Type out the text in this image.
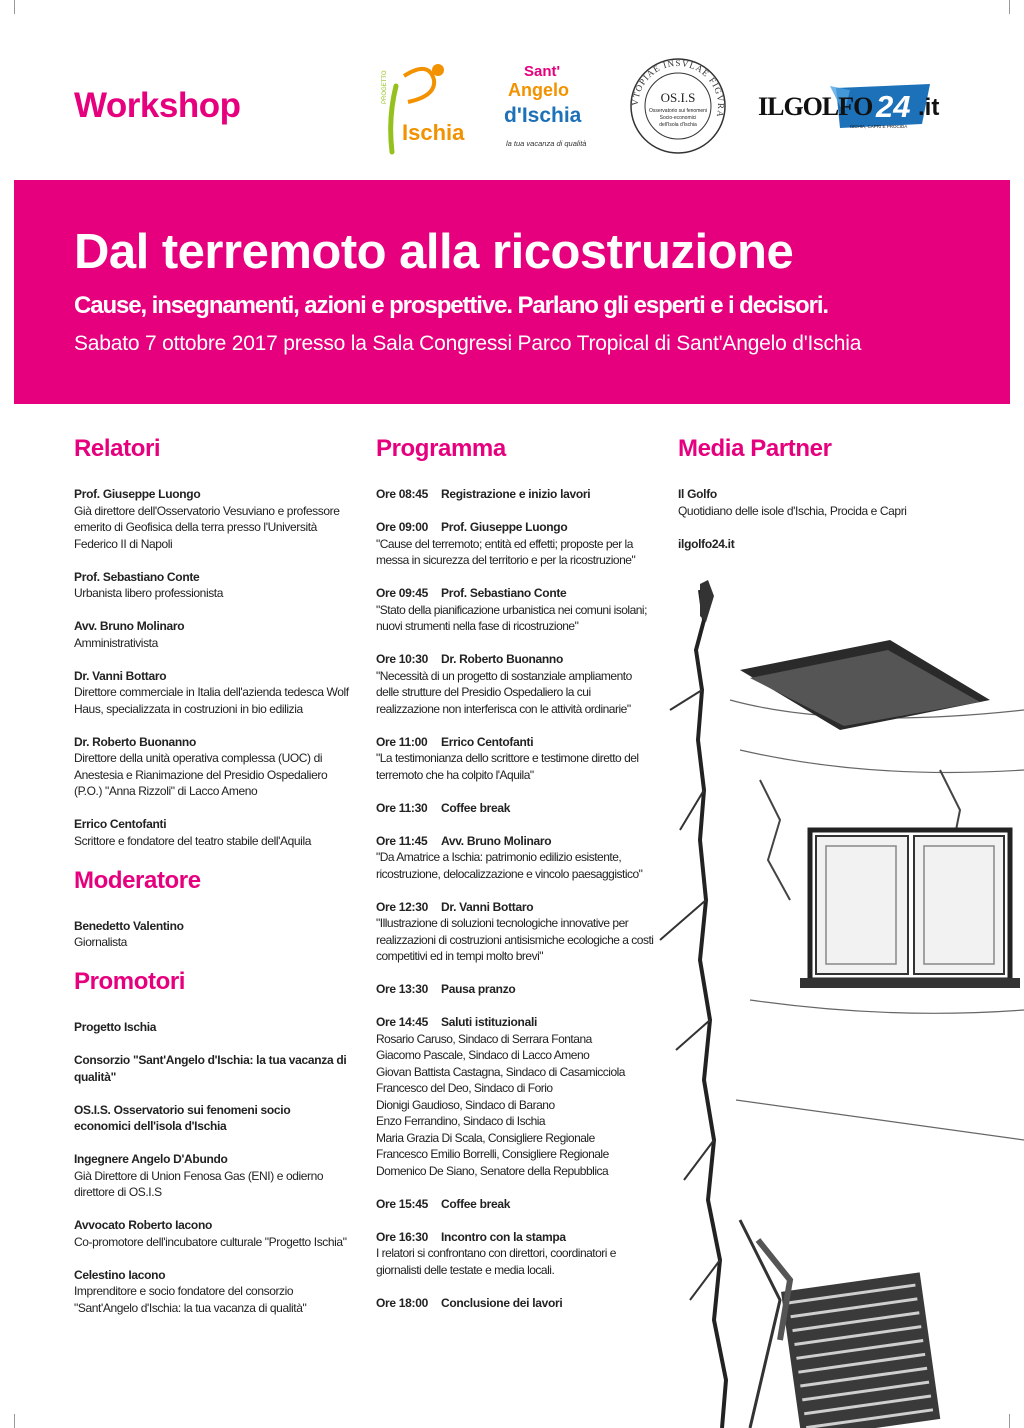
Workshop	PROGETTO
Ischia
Sant'
Angelo
d'Ischia
la tua vacanza di qualità
VTOPIAE INSVLAE FIGVRA
OS.I.S
Osservatorio sui fenomeni
Socio-economici
dell'Isola d'Ischia
ILGOLFO 24 .it
ISCHIA, CAPRI E PROCIDA
Dal terremoto alla ricostruzione
Cause, insegnamenti, azioni e prospettive. Parlano gli esperti e i decisori.
Sabato 7 ottobre 2017 presso la Sala Congressi Parco Tropical di Sant'Angelo d'Ischia
Relatori
Prof. Giuseppe Luongo
Già direttore dell'Osservatorio Vesuviano e professore emerito di Geofisica della terra presso l'Università Federico II di Napoli
Prof. Sebastiano Conte
Urbanista libero professionista
Avv. Bruno Molinaro
Amministrativista
Dr. Vanni Bottaro
Direttore commerciale in Italia dell'azienda tedesca Wolf Haus, specializzata in costruzioni in bio edilizia
Dr. Roberto Buonanno
Direttore della unità operativa complessa (UOC) di Anestesia e Rianimazione del Presidio Ospedaliero (P.O.) "Anna Rizzoli" di Lacco Ameno
Errico Centofanti
Scrittore e fondatore del teatro stabile dell'Aquila
Moderatore
Benedetto Valentino
Giornalista
Promotori
Progetto Ischia
Consorzio "Sant'Angelo d'Ischia: la tua vacanza di qualità"
OS.I.S. Osservatorio sui fenomeni socio economici dell'isola d'Ischia
Ingegnere Angelo D'Abundo
Già Direttore di Union Fenosa Gas (ENI) e odierno direttore di OS.I.S
Avvocato Roberto Iacono
Co-promotore dell'incubatore culturale "Progetto Ischia"
Celestino Iacono
Imprenditore e socio fondatore del consorzio "Sant'Angelo d'Ischia: la tua vacanza di qualità"
Programma
Ore 08:45 Registrazione e inizio lavori
Ore 09:00 Prof. Giuseppe Luongo
"Cause del terremoto; entità ed effetti; proposte per la messa in sicurezza del territorio e per la ricostruzione"
Ore 09:45 Prof. Sebastiano Conte
"Stato della pianificazione urbanistica nei comuni isolani; nuovi strumenti nella fase di ricostruzione"
Ore 10:30 Dr. Roberto Buonanno
"Necessità di un progetto di sostanziale ampliamento delle strutture del Presidio Ospedaliero la cui realizzazione non interferisca con le attività ordinarie"
Ore 11:00 Errico Centofanti
"La testimonianza dello scrittore e testimone diretto del terremoto che ha colpito l'Aquila"
Ore 11:30 Coffee break
Ore 11:45 Avv. Bruno Molinaro
"Da Amatrice a Ischia: patrimonio edilizio esistente, ricostruzione, delocalizzazione e vincolo paesaggistico"
Ore 12:30 Dr. Vanni Bottaro
"Illustrazione di soluzioni tecnologiche innovative per realizzazioni di costruzioni antisismiche ecologiche a costi competitivi ed in tempi molto brevi"
Ore 13:30 Pausa pranzo
Ore 14:45 Saluti istituzionali
Rosario Caruso, Sindaco di Serrara Fontana
Giacomo Pascale, Sindaco di Lacco Ameno
Giovan Battista Castagna, Sindaco di Casamicciola
Francesco del Deo, Sindaco di Forio
Dionigi Gaudioso, Sindaco di Barano
Enzo Ferrandino, Sindaco di Ischia
Maria Grazia Di Scala, Consigliere Regionale
Francesco Emilio Borrelli, Consigliere Regionale
Domenico De Siano, Senatore della Repubblica
Ore 15:45 Coffee break
Ore 16:30 Incontro con la stampa
I relatori si confrontano con direttori, coordinatori e giornalisti delle testate e media locali.
Ore 18:00 Conclusione dei lavori
Media Partner
Il Golfo
Quotidiano delle isole d'Ischia, Procida e Capri
ilgolfo24.it
